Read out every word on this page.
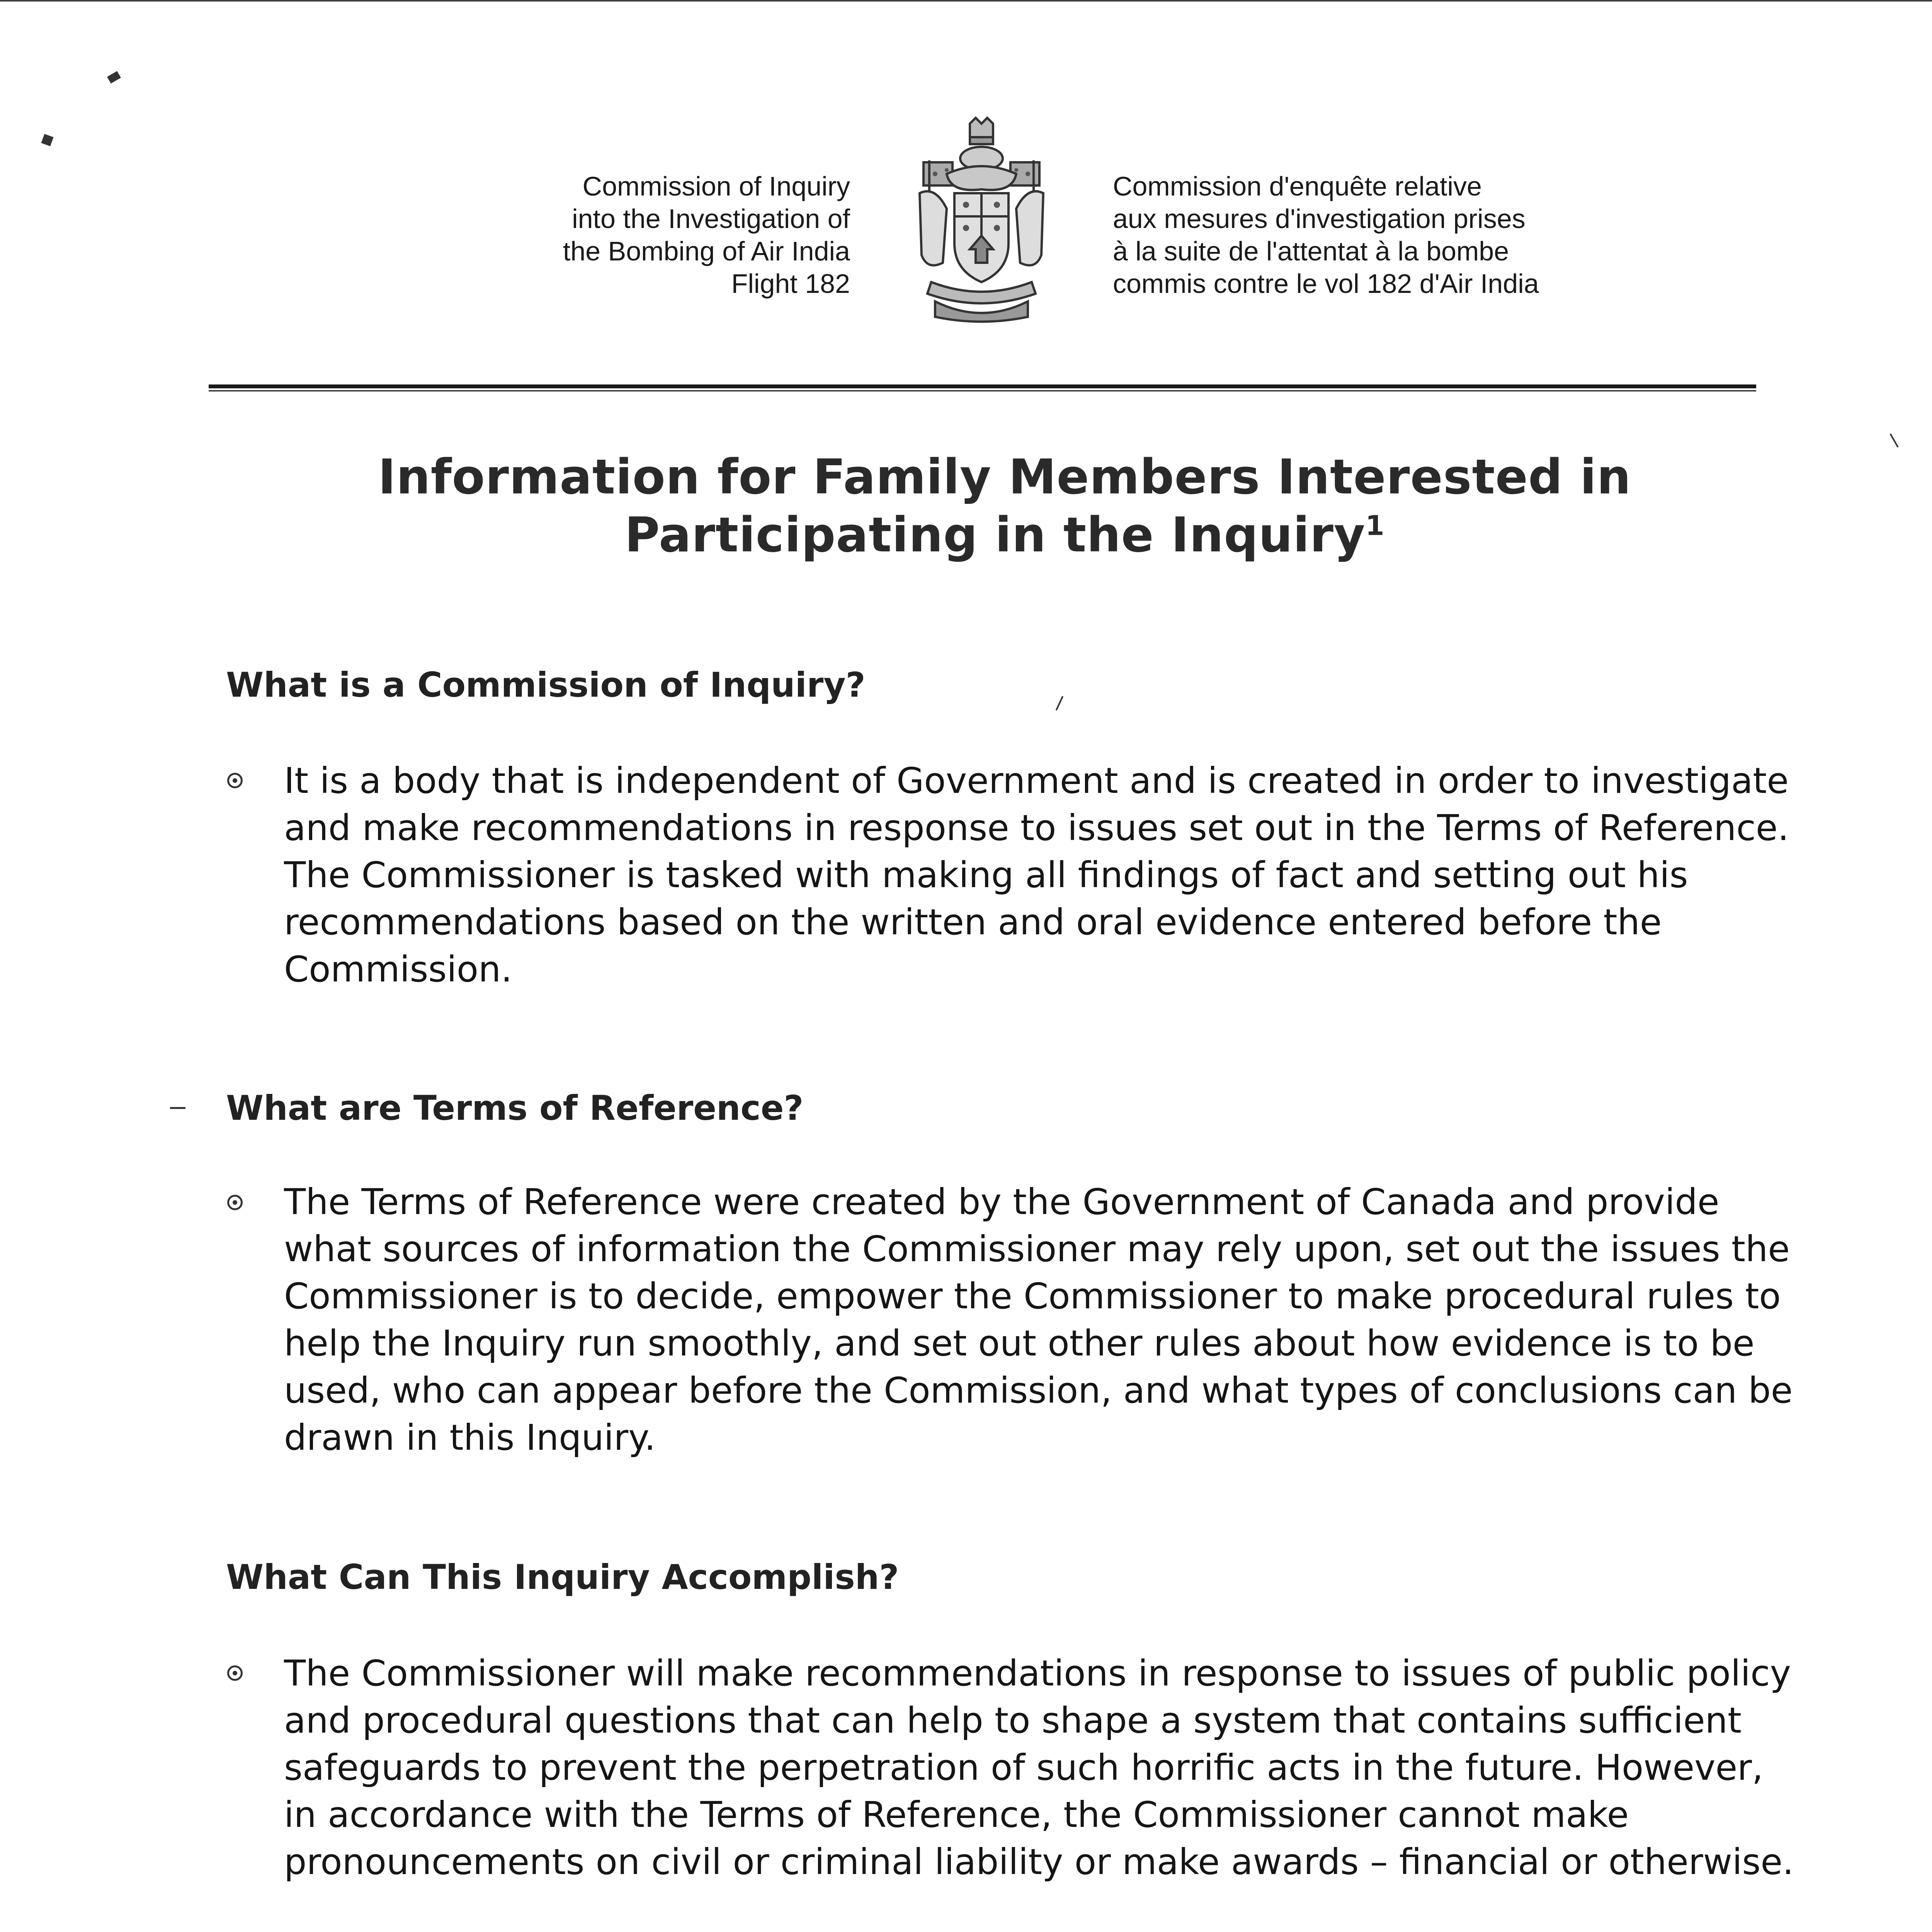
Commission of Inquiry
into the Investigation of
the Bombing of Air India
Flight 182
Commission d'enquête relative
aux mesures d'investigation prises
à la suite de l'attentat à la bombe
commis contre le vol 182 d'Air India
Information for Family Members Interested in
Participating in the Inquiry$^1$
What is a Commission of Inquiry?
It is a body that is independent of Government and is created in order to investigate
and make recommendations in response to issues set out in the Terms of Reference.
The Commissioner is tasked with making all findings of fact and setting out his
recommendations based on the written and oral evidence entered before the
Commission.
What are Terms of Reference?
The Terms of Reference were created by the Government of Canada and provide
what sources of information the Commissioner may rely upon, set out the issues the
Commissioner is to decide, empower the Commissioner to make procedural rules to
help the Inquiry run smoothly, and set out other rules about how evidence is to be
used, who can appear before the Commission, and what types of conclusions can be
drawn in this Inquiry.
What Can This Inquiry Accomplish?
The Commissioner will make recommendations in response to issues of public policy
and procedural questions that can help to shape a system that contains sufficient
safeguards to prevent the perpetration of such horrific acts in the future. However,
in accordance with the Terms of Reference, the Commissioner cannot make
pronouncements on civil or criminal liability or make awards – financial or otherwise.
